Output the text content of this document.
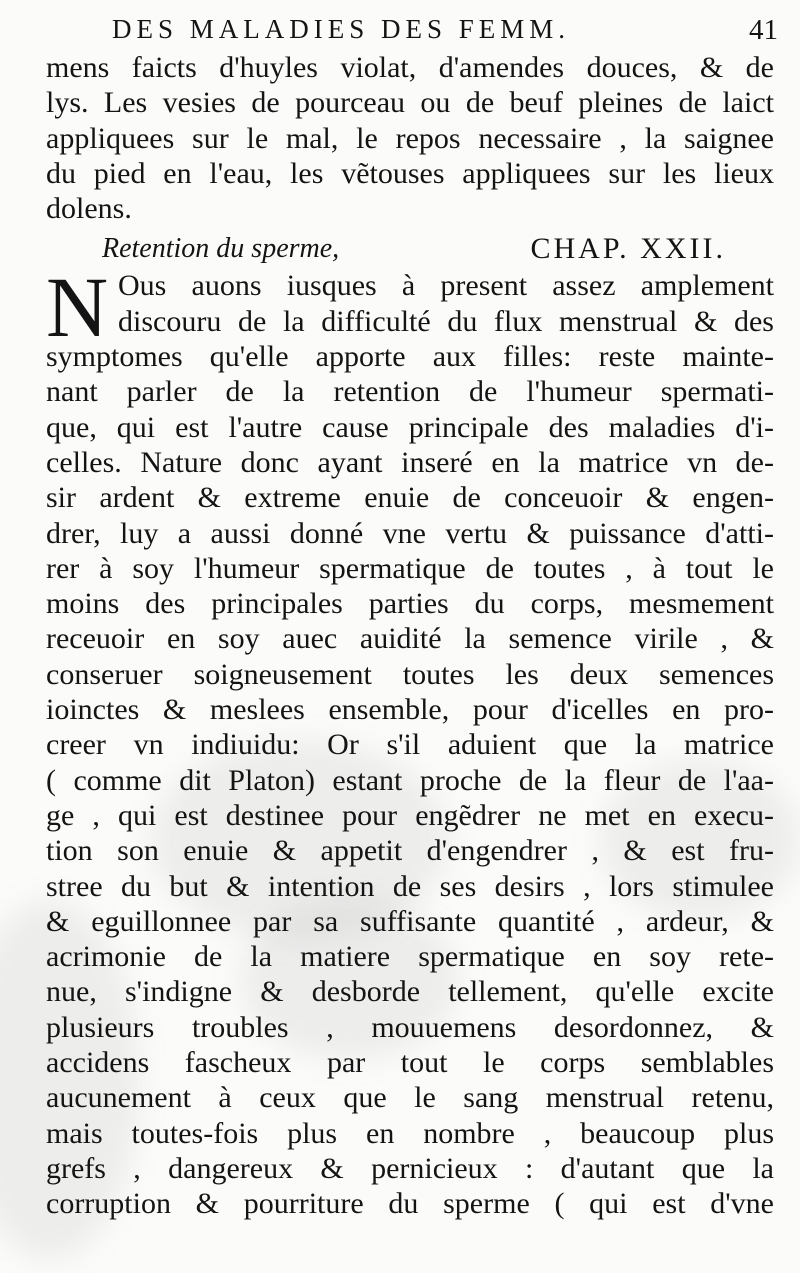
DES MALADIES DES FEMM.	41
mens faicts d'huyles violat, d'amendes douces, & de
lys. Les vesies de pourceau ou de beuf pleines de laict
appliquees sur le mal, le repos necessaire , la saignee
du pied en l'eau, les vẽtouses appliquees sur les lieux
dolens.
Retention du sperme,	CHAP. XXII.
N Ous auons iusques à present assez amplement
discouru de la difficulté du flux menstrual & des
symptomes qu'elle apporte aux filles: reste mainte-
nant parler de la retention de l'humeur spermati-
que, qui est l'autre cause principale des maladies d'i-
celles. Nature donc ayant inseré en la matrice vn de-
sir ardent & extreme enuie de conceuoir & engen-
drer, luy a aussi donné vne vertu & puissance d'atti-
rer à soy l'humeur spermatique de toutes , à tout le
moins des principales parties du corps, mesmement
receuoir en soy auec auidité la semence virile , &
conseruer soigneusement toutes les deux semences
ioinctes & meslees ensemble, pour d'icelles en pro-
creer vn indiuidu: Or s'il aduient que la matrice
( comme dit Platon) estant proche de la fleur de l'aa-
ge , qui est destinee pour engẽdrer ne met en execu-
tion son enuie & appetit d'engendrer , & est fru-
stree du but & intention de ses desirs , lors stimulee
& eguillonnee par sa suffisante quantité , ardeur, &
acrimonie de la matiere spermatique en soy rete-
nue, s'indigne & desborde tellement, qu'elle excite
plusieurs troubles , mouuemens desordonnez, &
accidens fascheux par tout le corps semblables
aucunement à ceux que le sang menstrual retenu,
mais toutes-fois plus en nombre , beaucoup plus
grefs , dangereux & pernicieux : d'autant que la
corruption & pourriture du sperme ( qui est d'vne
